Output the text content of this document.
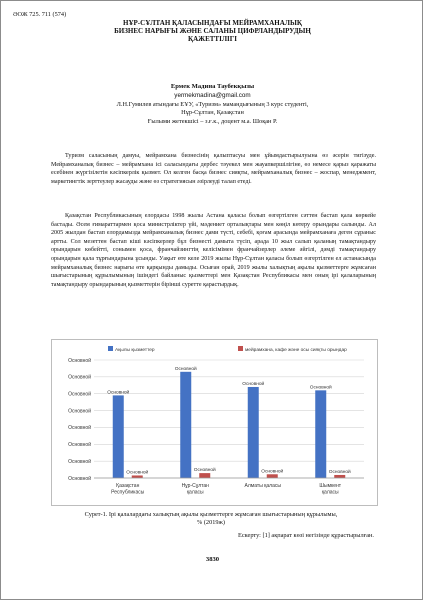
ӘОЖ 725. 711 (574)
НҰР-СҰЛТАН ҚАЛАСЫНДАҒЫ МЕЙРАМХАНАЛЫҚ
БИЗНЕС НАРЫҒЫ ЖӘНЕ САЛАНЫ ЦИФРЛАНДЫРУДЫҢ
ҚАЖЕТТІЛІГІ
Ермек Мадина Таубекқызы
yermekmadina@gmail.com
Л.Н.Гумилев атындағы ЕҰУ, «Туризм» мамандығының 3 курс студенті,
Нұр-Сұлтан, Қазақстан
Ғылыми жетекшісі – з.ғ.к., доцент м.а. Шоқан Р.
Туризм саласының дамуы, мейрамхана бизнесінің қалыптасуы мен ұйымдастырылуына өз әсерін тигізуде. Мейрамханалық бизнес – мейрамхана ісі саласындағы дербес тәуекел мен жауапкершілігіне, өз немесе қарыз қаражаты есебінен жүргізілетін кәсіпкерлік қызмет. Ол келген басқа бизнес сияқты, мейрамханалық бизнес – жоспар, менеджмент, маркетингтік зерттеулер жасауды және өз стратегиясын әзірлеуді талап етеді.
Қазақстан Республикасының елордасы 1998 жылы Астана қаласы болып өзгертілген сәттен бастап қала көркейе бастады. Әсем ғимараттармен қоса министрліктер үйі, мәдениет орталықтары мен көңіл көтеру орындары салынды. Ал 2005 жылдан бастап елордамызда мейрамханалық бизнес дами түсті, себебі, қоғам арасында мейрамханаға деген сұраныс артты. Сол мезеттен бастап кіші кәсіпкерлер бұл бизнесті дамыта түсіп, арада 10 жыл салып қаланың тамақтандыру орындарын көбейтті, сонымен қоса, франчайзингтің келісімімен франчайзерлер әлеме әйгілі, дәмді тамақтандыру орындарын қала тұрғындарына ұсынды. Уақыт өте келе 2019 жылы Нұр-Сұлтан қаласы болып өзгертілген ел астанасында мейрамханалық бизнес нарығы өте қарқынды дамыды. Осыған орай, 2019 жылы халықтың ақылы қызметтерге жұмсаған шығыстарының құрылымының ішіндегі байланыс қызметтері мен Қазақстан Республикасы мен оның ірі қалаларының тамақтандыру орындарының қызметтерін бірінші суретте қарастырдық.
Ақылы қызметтер	мейрамхана, кафе және осы сияқты орындар
Основной
Основной
Основной
Основной
Основной
Основной
Основной
Основной
Основной
Основной
Қазақстан
Республикасы
Основной
Основной
Нұр-Сұлтан
қаласы
Основной
Основной
Алматы қаласы
Основной
Основной
Шымкент
қаласы
Сурет-1. Ірі қалалардағы халықтың ақылы қызметтерге жұмсаған шығыстарының құрылымы,
% (2019ж)
Ескерту: [1] ақпарат көзі негізінде құрастырылған.
3830
